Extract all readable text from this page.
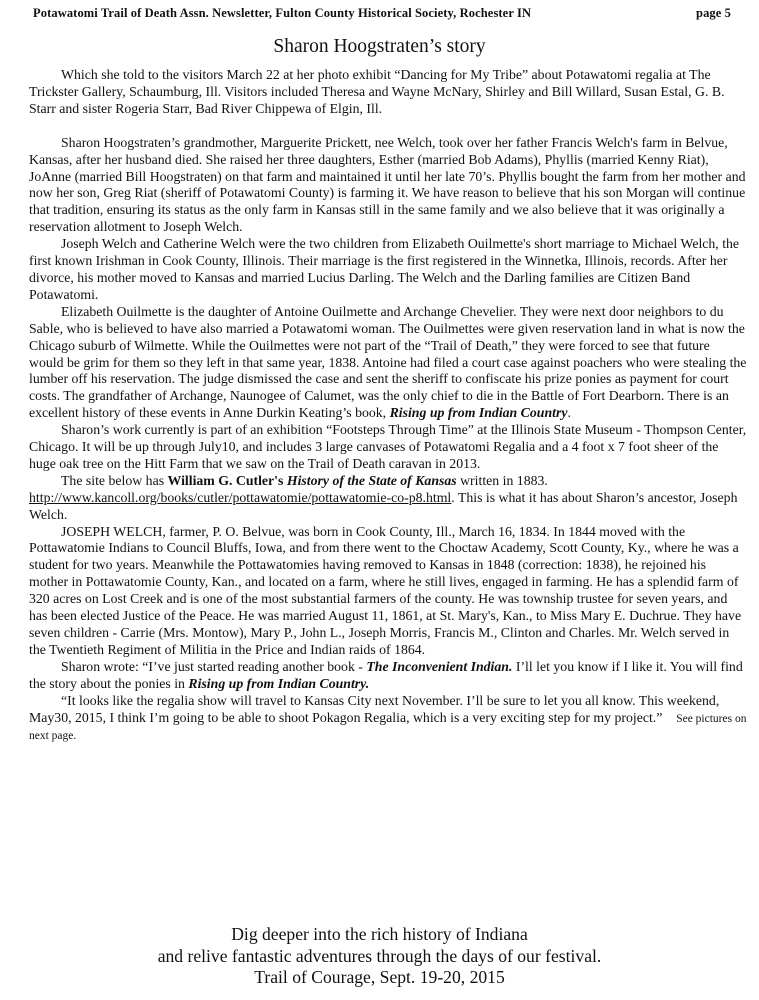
Potawatomi Trail of Death Assn. Newsletter, Fulton County Historical Society, Rochester IN	page 5
Sharon Hoogstraten’s story

Which she told to the visitors March 22 at her photo exhibit “Dancing for My Tribe” about Potawatomi regalia at The Trickster Gallery, Schaumburg, Ill. Visitors included Theresa and Wayne McNary, Shirley and Bill Willard, Susan Estal, G. B. Starr and sister Rogeria Starr, Bad River Chippewa of Elgin, Ill.

Sharon Hoogstraten’s grandmother, Marguerite Prickett, nee Welch, took over her father Francis Welch's farm in Belvue, Kansas, after her husband died. She raised her three daughters, Esther (married Bob Adams), Phyllis (married Kenny Riat), JoAnne (married Bill Hoogstraten) on that farm and maintained it until her late 70’s. Phyllis bought the farm from her mother and now her son, Greg Riat (sheriff of Potawatomi County) is farming it. We have reason to believe that his son Morgan will continue that tradition, ensuring its status as the only farm in Kansas still in the same family and we also believe that it was originally a reservation allotment to Joseph Welch.

Joseph Welch and Catherine Welch were the two children from Elizabeth Ouilmette's short marriage to Michael Welch, the first known Irishman in Cook County, Illinois. Their marriage is the first registered in the Winnetka, Illinois, records. After her divorce, his mother moved to Kansas and married Lucius Darling. The Welch and the Darling families are Citizen Band Potawatomi.

Elizabeth Ouilmette is the daughter of Antoine Ouilmette and Archange Chevelier. They were next door neighbors to du Sable, who is believed to have also married a Potawatomi woman. The Ouilmettes were given reservation land in what is now the Chicago suburb of Wilmette. While the Ouilmettes were not part of the “Trail of Death,” they were forced to see that future would be grim for them so they left in that same year, 1838. Antoine had filed a court case against poachers who were stealing the lumber off his reservation. The judge dismissed the case and sent the sheriff to confiscate his prize ponies as payment for court costs. The grandfather of Archange, Naunogee of Calumet, was the only chief to die in the Battle of Fort Dearborn. There is an excellent history of these events in Anne Durkin Keating’s book, Rising up from Indian Country.

Sharon’s work currently is part of an exhibition “Footsteps Through Time” at the Illinois State Museum - Thompson Center, Chicago. It will be up through July10, and includes 3 large canvases of Potawatomi Regalia and a 4 foot x 7 foot sheer of the huge oak tree on the Hitt Farm that we saw on the Trail of Death caravan in 2013.

The site below has William G. Cutler's History of the State of Kansas written in 1883.
http://www.kancoll.org/books/cutler/pottawatomie/pottawatomie-co-p8.html. This is what it has about Sharon’s ancestor, Joseph Welch.

JOSEPH WELCH, farmer, P. O. Belvue, was born in Cook County, Ill., March 16, 1834. In 1844 moved with the Pottawatomie Indians to Council Bluffs, Iowa, and from there went to the Choctaw Academy, Scott County, Ky., where he was a student for two years. Meanwhile the Pottawatomies having removed to Kansas in 1848 (correction: 1838), he rejoined his mother in Pottawatomie County, Kan., and located on a farm, where he still lives, engaged in farming. He has a splendid farm of 320 acres on Lost Creek and is one of the most substantial farmers of the county. He was township trustee for seven years, and has been elected Justice of the Peace. He was married August 11, 1861, at St. Mary's, Kan., to Miss Mary E. Duchrue. They have seven children - Carrie (Mrs. Montow), Mary P., John L., Joseph Morris, Francis M., Clinton and Charles. Mr. Welch served in the Twentieth Regiment of Militia in the Price and Indian raids of 1864.

Sharon wrote: “I’ve just started reading another book - The Inconvenient Indian. I’ll let you know if I like it. You will find the story about the ponies in Rising up from Indian Country.

“It looks like the regalia show will travel to Kansas City next November. I’ll be sure to let you all know. This weekend, May30, 2015, I think I’m going to be able to shoot Pokagon Regalia, which is a very exciting step for my project.” See pictures on next page.

Dig deeper into the rich history of Indiana
and relive fantastic adventures through the days of our festival.
Trail of Courage, Sept. 19-20, 2015
